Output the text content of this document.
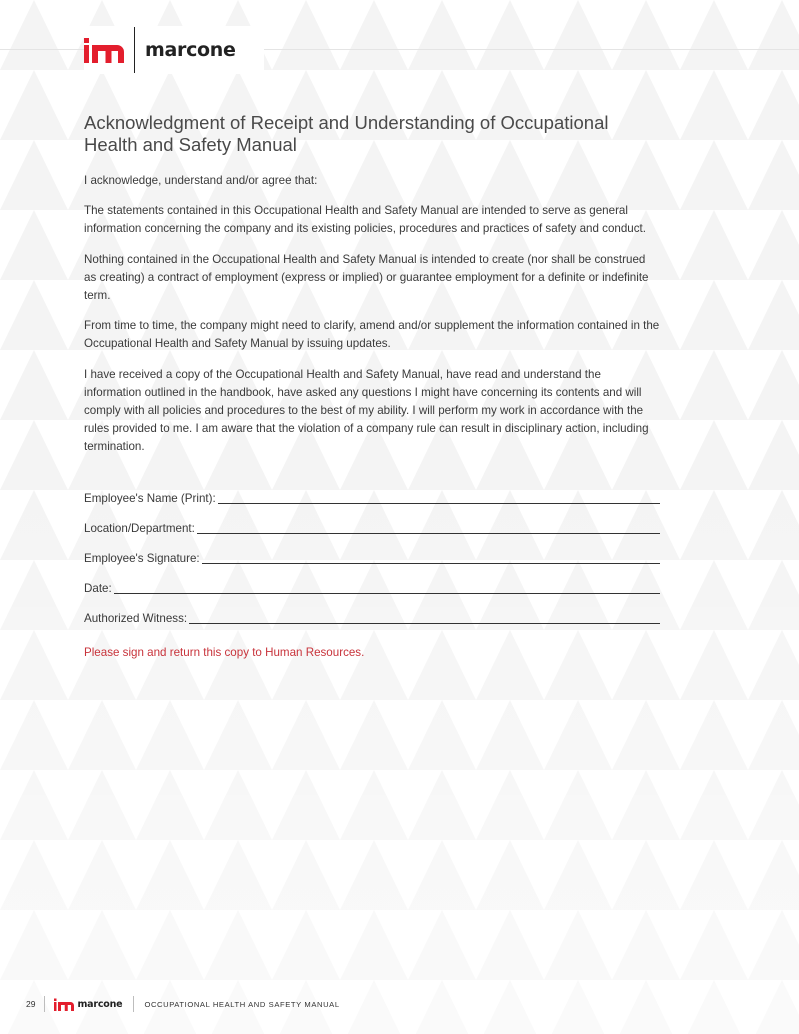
marcone
Acknowledgment of Receipt and Understanding of Occupational Health and Safety Manual

I acknowledge, understand and/or agree that:

The statements contained in this Occupational Health and Safety Manual are intended to serve as general information concerning the company and its existing policies, procedures and practices of safety and conduct.

Nothing contained in the Occupational Health and Safety Manual is intended to create (nor shall be construed as creating) a contract of employment (express or implied) or guarantee employment for a definite or indefinite term.

From time to time, the company might need to clarify, amend and/or supplement the information contained in the Occupational Health and Safety Manual by issuing updates.

I have received a copy of the Occupational Health and Safety Manual, have read and understand the information outlined in the handbook, have asked any questions I might have concerning its contents and will comply with all policies and procedures to the best of my ability. I will perform my work in accordance with the rules provided to me. I am aware that the violation of a company rule can result in disciplinary action, including termination.

Employee's Name (Print):
Location/Department:
Employee's Signature:
Date:
Authorized Witness:
Please sign and return this copy to Human Resources.
29	marcone	OCCUPATIONAL HEALTH AND SAFETY MANUAL
